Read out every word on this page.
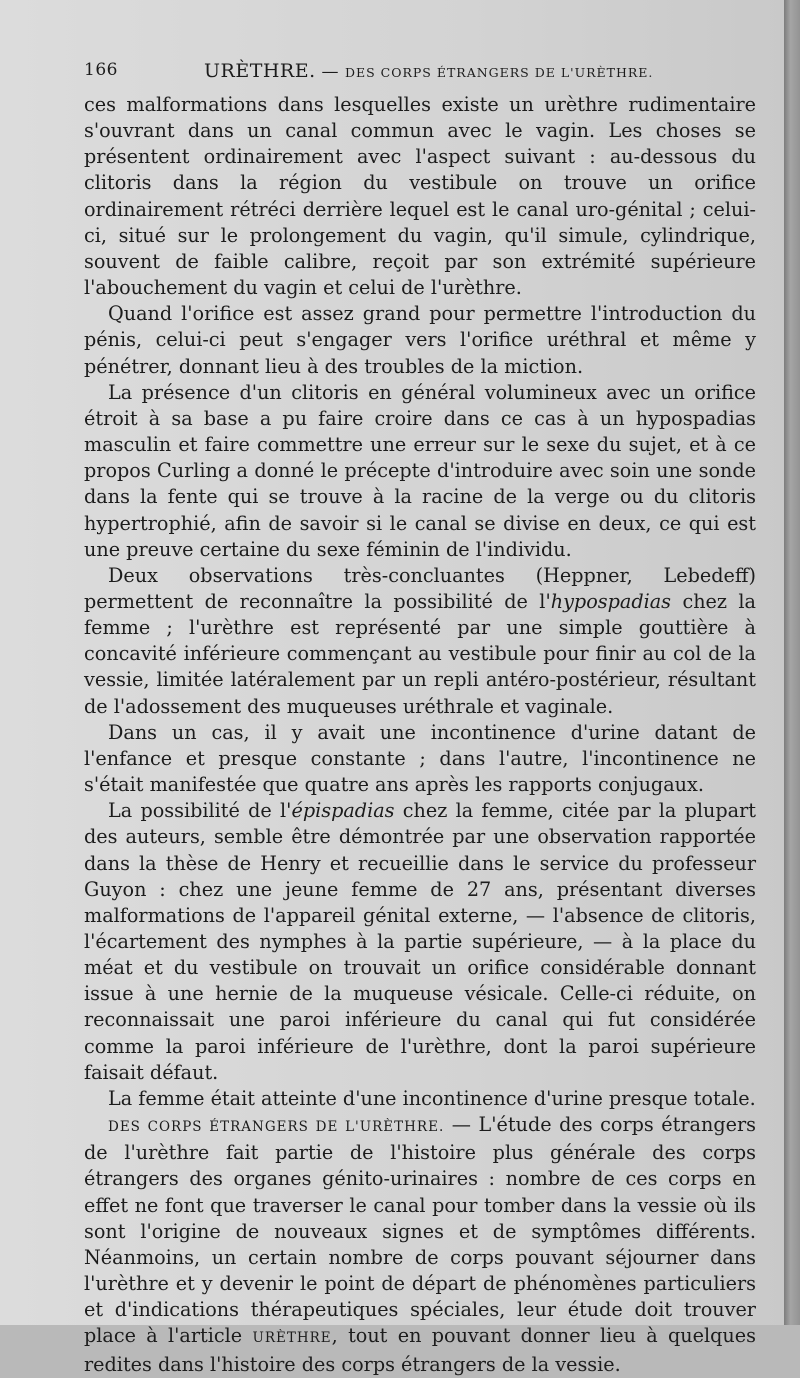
166	URÈTHRE. — DES CORPS ÉTRANGERS DE L'URÈTHRE.

ces malformations dans lesquelles existe un urèthre rudimentaire s'ouvrant dans un canal commun avec le vagin. Les choses se présentent ordinairement avec l'aspect suivant : au-dessous du clitoris dans la région du vestibule on trouve un orifice ordinairement rétréci derrière lequel est le canal uro-génital ; celui-ci, situé sur le prolongement du vagin, qu'il simule, cylindrique, souvent de faible calibre, reçoit par son extrémité supérieure l'abouchement du vagin et celui de l'urèthre.

Quand l'orifice est assez grand pour permettre l'introduction du pénis, celui-ci peut s'engager vers l'orifice uréthral et même y pénétrer, donnant lieu à des troubles de la miction.

La présence d'un clitoris en général volumineux avec un orifice étroit à sa base a pu faire croire dans ce cas à un hypospadias masculin et faire commettre une erreur sur le sexe du sujet, et à ce propos Curling a donné le précepte d'introduire avec soin une sonde dans la fente qui se trouve à la racine de la verge ou du clitoris hypertrophié, afin de savoir si le canal se divise en deux, ce qui est une preuve certaine du sexe féminin de l'individu.

Deux observations très-concluantes (Heppner, Lebedeff) permettent de reconnaître la possibilité de l'hypospadias chez la femme ; l'urèthre est représenté par une simple gouttière à concavité inférieure commençant au vestibule pour finir au col de la vessie, limitée latéralement par un repli antéro-postérieur, résultant de l'adossement des muqueuses uréthrale et vaginale.

Dans un cas, il y avait une incontinence d'urine datant de l'enfance et presque constante ; dans l'autre, l'incontinence ne s'était manifestée que quatre ans après les rapports conjugaux.

La possibilité de l'épispadias chez la femme, citée par la plupart des auteurs, semble être démontrée par une observation rapportée dans la thèse de Henry et recueillie dans le service du professeur Guyon : chez une jeune femme de 27 ans, présentant diverses malformations de l'appareil génital externe, — l'absence de clitoris, l'écartement des nymphes à la partie supérieure, — à la place du méat et du vestibule on trouvait un orifice considérable donnant issue à une hernie de la muqueuse vésicale. Celle-ci réduite, on reconnaissait une paroi inférieure du canal qui fut considérée comme la paroi inférieure de l'urèthre, dont la paroi supérieure faisait défaut.

La femme était atteinte d'une incontinence d'urine presque totale.

DES CORPS ÉTRANGERS DE L'URÈTHRE. — L'étude des corps étrangers de l'urèthre fait partie de l'histoire plus générale des corps étrangers des organes génito-urinaires : nombre de ces corps en effet ne font que traverser le canal pour tomber dans la vessie où ils sont l'origine de nouveaux signes et de symptômes différents. Néanmoins, un certain nombre de corps pouvant séjourner dans l'urèthre et y devenir le point de départ de phénomènes particuliers et d'indications thérapeutiques spéciales, leur étude doit trouver place à l'article URÈTHRE, tout en pouvant donner lieu à quelques redites dans l'histoire des corps étrangers de la vessie.
